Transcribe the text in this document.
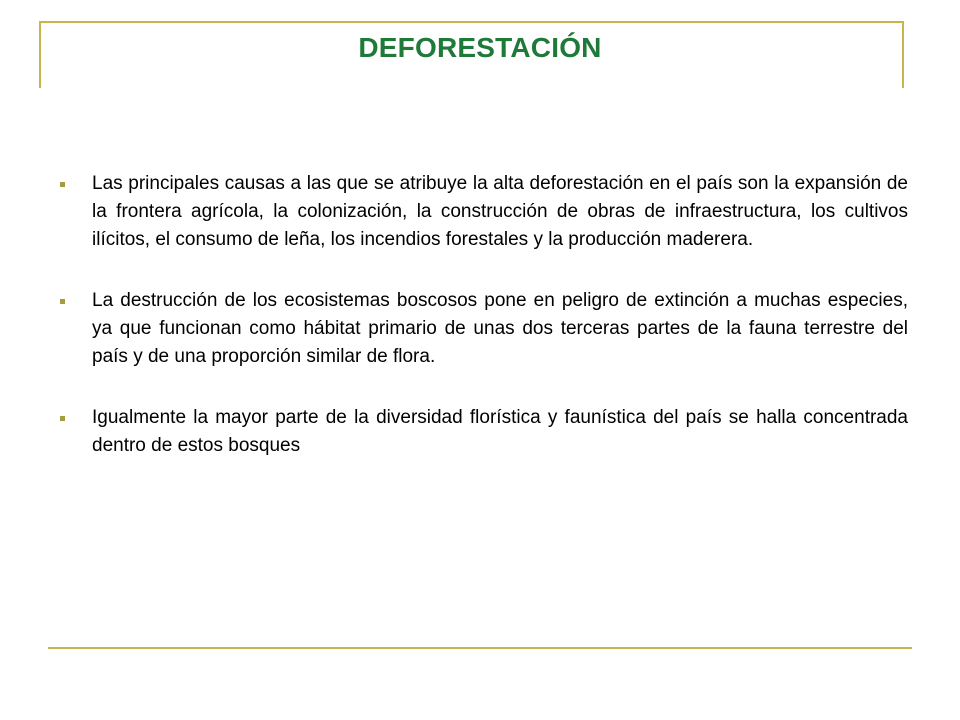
DEFORESTACIÓN
Las principales causas a las que se atribuye la alta deforestación en el país son la expansión de la frontera agrícola, la colonización, la construcción de obras de infraestructura, los cultivos ilícitos, el consumo de leña, los incendios forestales y la producción maderera.
La destrucción de los ecosistemas boscosos pone en peligro de extinción a muchas especies, ya que funcionan como hábitat primario de unas dos terceras partes de la fauna terrestre del país y de una proporción similar de flora.
Igualmente la mayor parte de la diversidad florística y faunística del país se halla concentrada dentro de estos bosques
